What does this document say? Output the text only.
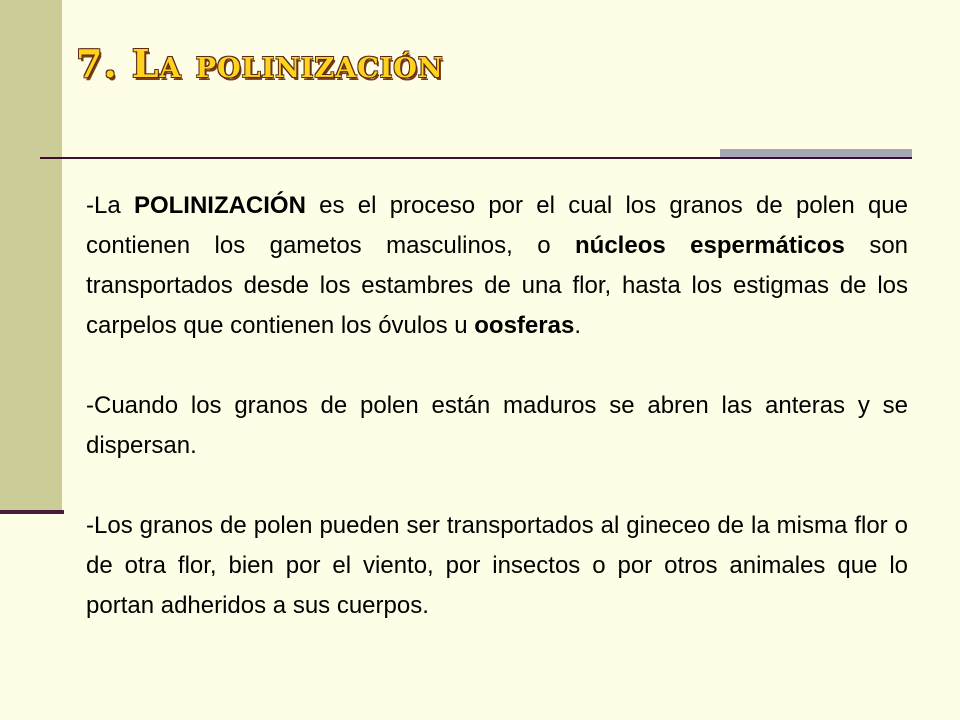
7. La polinización

-La POLINIZACIÓN es el proceso por el cual los granos de polen que contienen los gametos masculinos, o núcleos espermáticos son transportados desde los estambres de una flor, hasta los estigmas de los carpelos que contienen los óvulos u oosferas.

-Cuando los granos de polen están maduros se abren las anteras y se dispersan.

-Los granos de polen pueden ser transportados al gineceo de la misma flor o de otra flor, bien por el viento, por insectos o por otros animales que lo portan adheridos a sus cuerpos.
